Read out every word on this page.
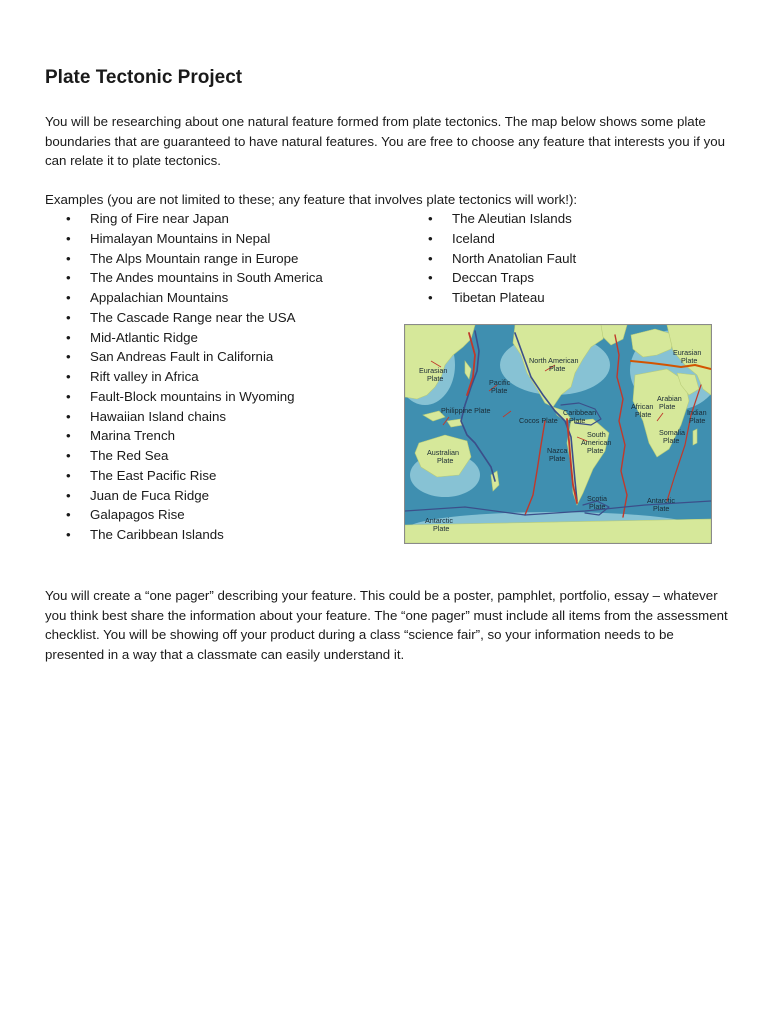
Plate Tectonic Project

You will be researching about one natural feature formed from plate tectonics. The map below shows some plate boundaries that are guaranteed to have natural features. You are free to choose any feature that interests you if you can relate it to plate tectonics.

Examples (you are not limited to these; any feature that involves plate tectonics will work!):

• Ring of Fire near Japan
• Himalayan Mountains in Nepal
• The Alps Mountain range in Europe
• The Andes mountains in South America
• Appalachian Mountains
• The Cascade Range near the USA
• Mid-Atlantic Ridge
• San Andreas Fault in California
• Rift valley in Africa
• Fault-Block mountains in Wyoming
• Hawaiian Island chains
• Marina Trench
• The Red Sea
• The East Pacific Rise
• Juan de Fuca Ridge
• Galapagos Rise
• The Caribbean Islands
• The Aleutian Islands
• Iceland
• North Anatolian Fault
• Deccan Traps
• Tibetan Plateau
Eurasian Plate	Pacific Plate
North American Plate
Eurasian Plate
Philippine Plate	Caribbean Plate
Cocos Plate
African Plate
Arabian Plate
Indian Plate
Australian Plate
Nazca Plate
South American Plate
Somalia Plate
Scotia Plate
Antarctic Plate
Antarctic Plate

You will create a “one pager” describing your feature. This could be a poster, pamphlet, portfolio, essay – whatever you think best share the information about your feature. The “one pager” must include all items from the assessment checklist. You will be showing off your product during a class “science fair”, so your information needs to be presented in a way that a classmate can easily understand it.
